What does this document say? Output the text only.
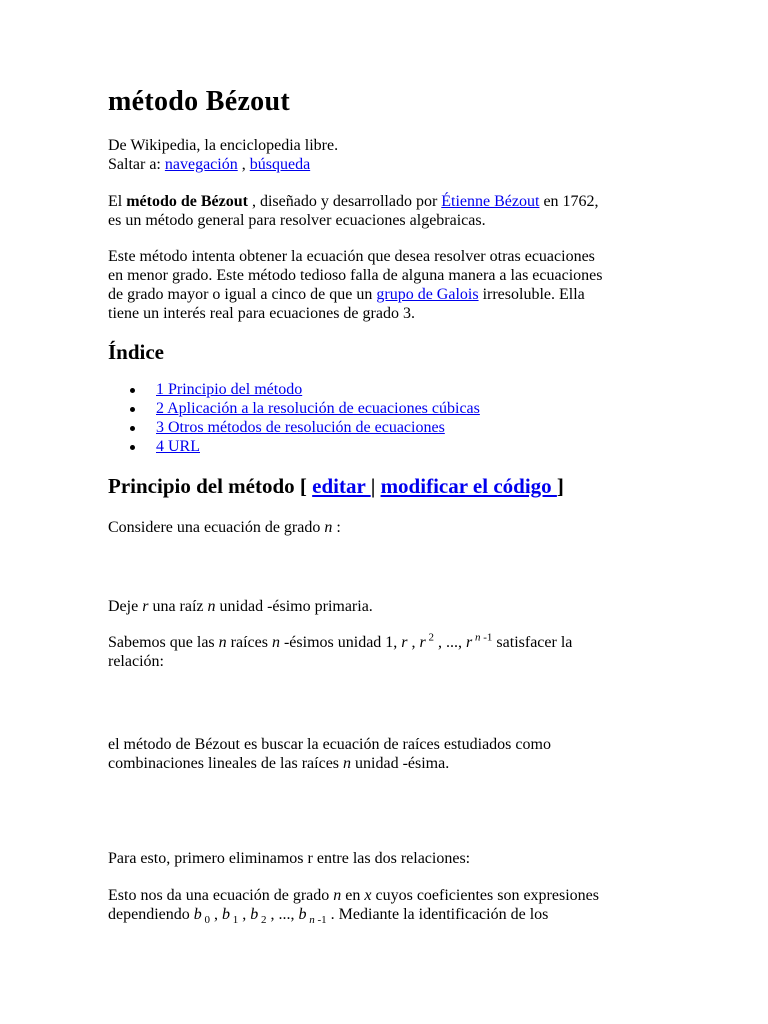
método Bézout
De Wikipedia, la enciclopedia libre.
Saltar a: navegación , búsqueda
El método de Bézout , diseñado y desarrollado por Étienne Bézout en 1762,
es un método general para resolver ecuaciones algebraicas.
Este método intenta obtener la ecuación que desea resolver otras ecuaciones
en menor grado. Este método tedioso falla de alguna manera a las ecuaciones
de grado mayor o igual a cinco de que un grupo de Galois irresoluble. Ella
tiene un interés real para ecuaciones de grado 3.
Índice
1 Principio del método
2 Aplicación a la resolución de ecuaciones cúbicas
3 Otros métodos de resolución de ecuaciones
4 URL
Principio del método [ editar | modificar el código ]
Considere una ecuación de grado n :
Deje r una raíz n unidad -ésimo primaria.
Sabemos que las n raíces n -ésimos unidad 1, r , r $^2$ , ..., r $^{n -1}$ satisfacer la
relación:
el método de Bézout es buscar la ecuación de raíces estudiados como
combinaciones lineales de las raíces n unidad -ésima.
Para esto, primero eliminamos r entre las dos relaciones:
Esto nos da una ecuación de grado n en x cuyos coeficientes son expresiones
dependiendo b $_0$ , b $_1$ , b $_2$ , ..., b $_{n -1}$ . Mediante la identificación de los
